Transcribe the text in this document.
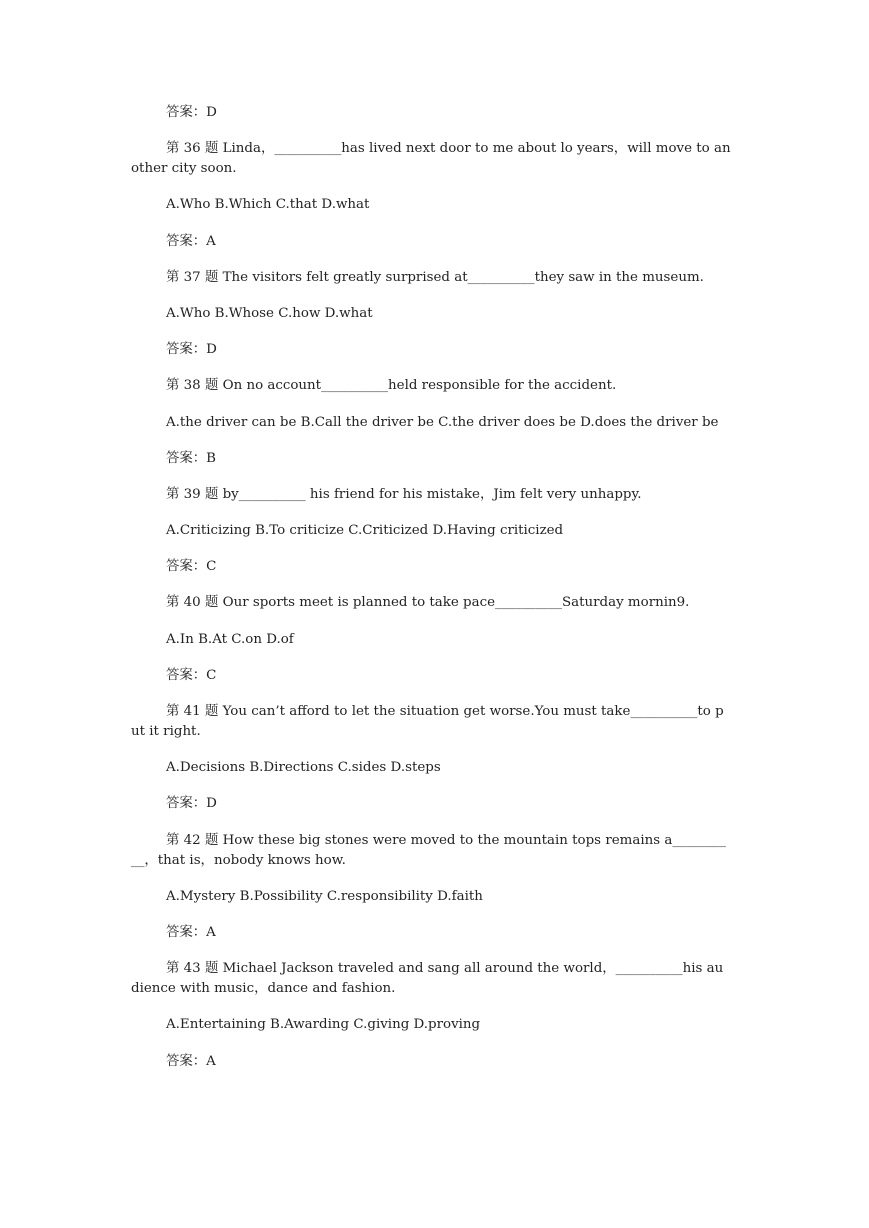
答案：D

第 36 题 Linda，__________has lived next door to me about lo years，will move to another city soon.

A.Who B.Which C.that D.what

答案：A

第 37 题 The visitors felt greatly surprised at__________they saw in the museum.

A.Who B.Whose C.how D.what

答案：D

第 38 题 On no account__________held responsible for the accident.

A.the driver can be B.Call the driver be C.the driver does be D.does the driver be

答案：B

第 39 题 by__________ his friend for his mistake，Jim felt very unhappy.

A.Criticizing B.To criticize C.Criticized D.Having criticized

答案：C

第 40 题 Our sports meet is planned to take pace__________Saturday mornin9.

A.In B.At C.on D.of

答案：C

第 41 题 You can’t afford to let the situation get worse.You must take__________to put it right.

A.Decisions B.Directions C.sides D.steps

答案：D

第 42 题 How these big stones were moved to the mountain tops remains a__________，that is，nobody knows how.

A.Mystery B.Possibility C.responsibility D.faith

答案：A

第 43 题 Michael Jackson traveled and sang all around the world，__________his audience with music，dance and fashion.

A.Entertaining B.Awarding C.giving D.proving

答案：A
